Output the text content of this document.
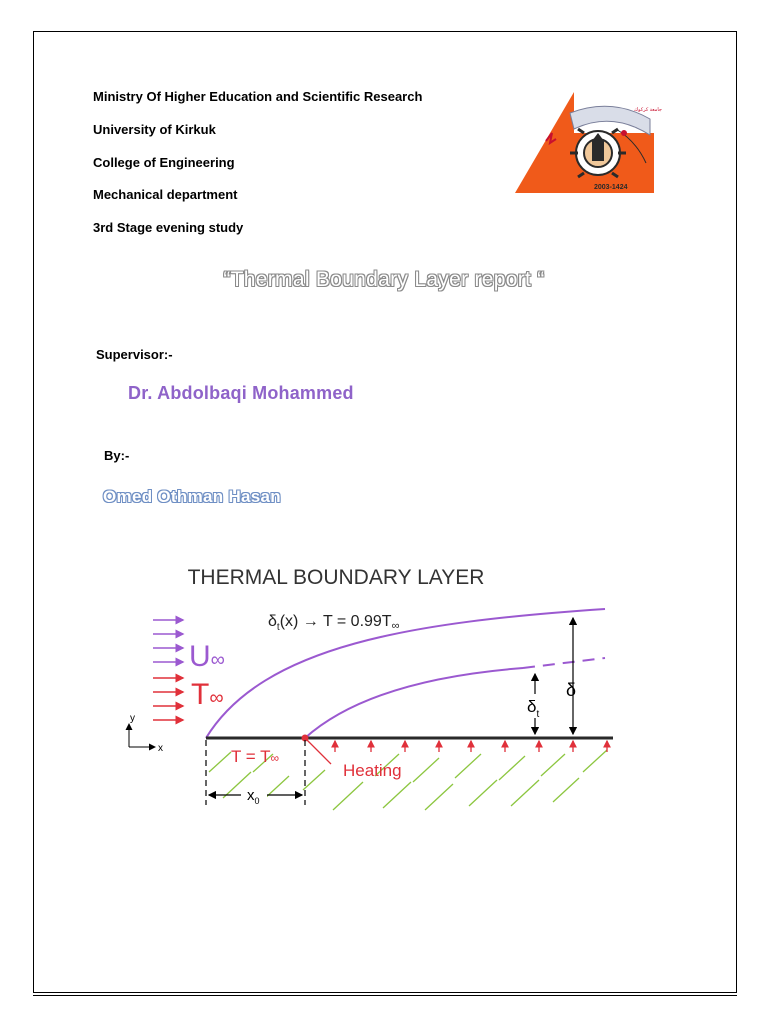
Ministry Of Higher Education and Scientific Research
University of Kirkuk
College of Engineering
Mechanical department
3rd Stage evening study
جامعة كركوك
2003-1424
“Thermal Boundary Layer report “
Supervisor:-
Dr. Abdolbaqi Mohammed
By:-
Omed Othman Hasan
THERMAL BOUNDARY LAYER
$\delta_t(x) \to T = 0.99T\infty$
U∞
T∞
y
x
Heating
T = T∞
$x_0$
δ
$\delta_t$
